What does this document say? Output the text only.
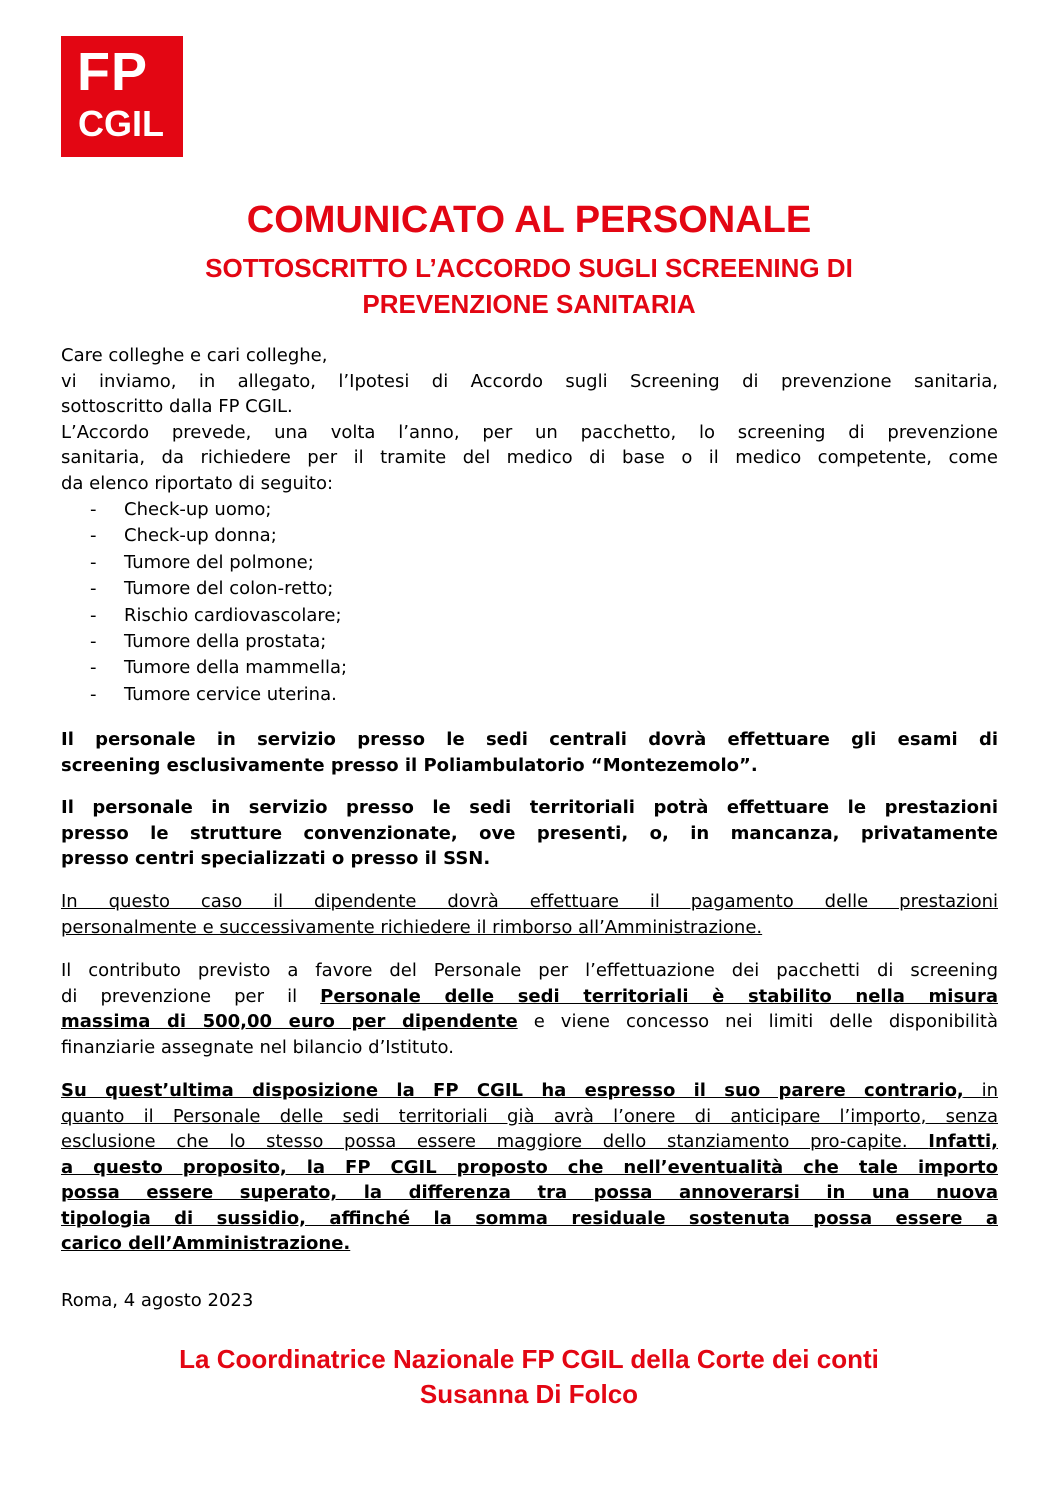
FP
CGIL
COMUNICATO AL PERSONALE
SOTTOSCRITTO L’ACCORDO SUGLI SCREENING DI
PREVENZIONE SANITARIA
Care colleghe e cari colleghe,
vi inviamo, in allegato, l’Ipotesi di Accordo sugli Screening di prevenzione sanitaria,
sottoscritto dalla FP CGIL.
L’Accordo prevede, una volta l’anno, per un pacchetto, lo screening di prevenzione
sanitaria, da richiedere per il tramite del medico di base o il medico competente, come
da elenco riportato di seguito:
- Check-up uomo;
- Check-up donna;
- Tumore del polmone;
- Tumore del colon-retto;
- Rischio cardiovascolare;
- Tumore della prostata;
- Tumore della mammella;
- Tumore cervice uterina.
Il personale in servizio presso le sedi centrali dovrà effettuare gli esami di
screening esclusivamente presso il Poliambulatorio “Montezemolo”.
Il personale in servizio presso le sedi territoriali potrà effettuare le prestazioni
presso le strutture convenzionate, ove presenti, o, in mancanza, privatamente
presso centri specializzati o presso il SSN.
In questo caso il dipendente dovrà effettuare il pagamento delle prestazioni
personalmente e successivamente richiedere il rimborso all’Amministrazione.
Il contributo previsto a favore del Personale per l’effettuazione dei pacchetti di screening
di prevenzione per il Personale delle sedi territoriali è stabilito nella misura
massima di 500,00 euro per dipendente e viene concesso nei limiti delle disponibilità
finanziarie assegnate nel bilancio d’Istituto.
Su quest’ultima disposizione la FP CGIL ha espresso il suo parere contrario, in
quanto il Personale delle sedi territoriali già avrà l’onere di anticipare l’importo, senza
esclusione che lo stesso possa essere maggiore dello stanziamento pro-capite. Infatti,
a questo proposito, la FP CGIL proposto che nell’eventualità che tale importo
possa essere superato, la differenza tra possa annoverarsi in una nuova
tipologia di sussidio, affinché la somma residuale sostenuta possa essere a
carico dell’Amministrazione.
Roma, 4 agosto 2023
La Coordinatrice Nazionale FP CGIL della Corte dei conti
Susanna Di Folco
